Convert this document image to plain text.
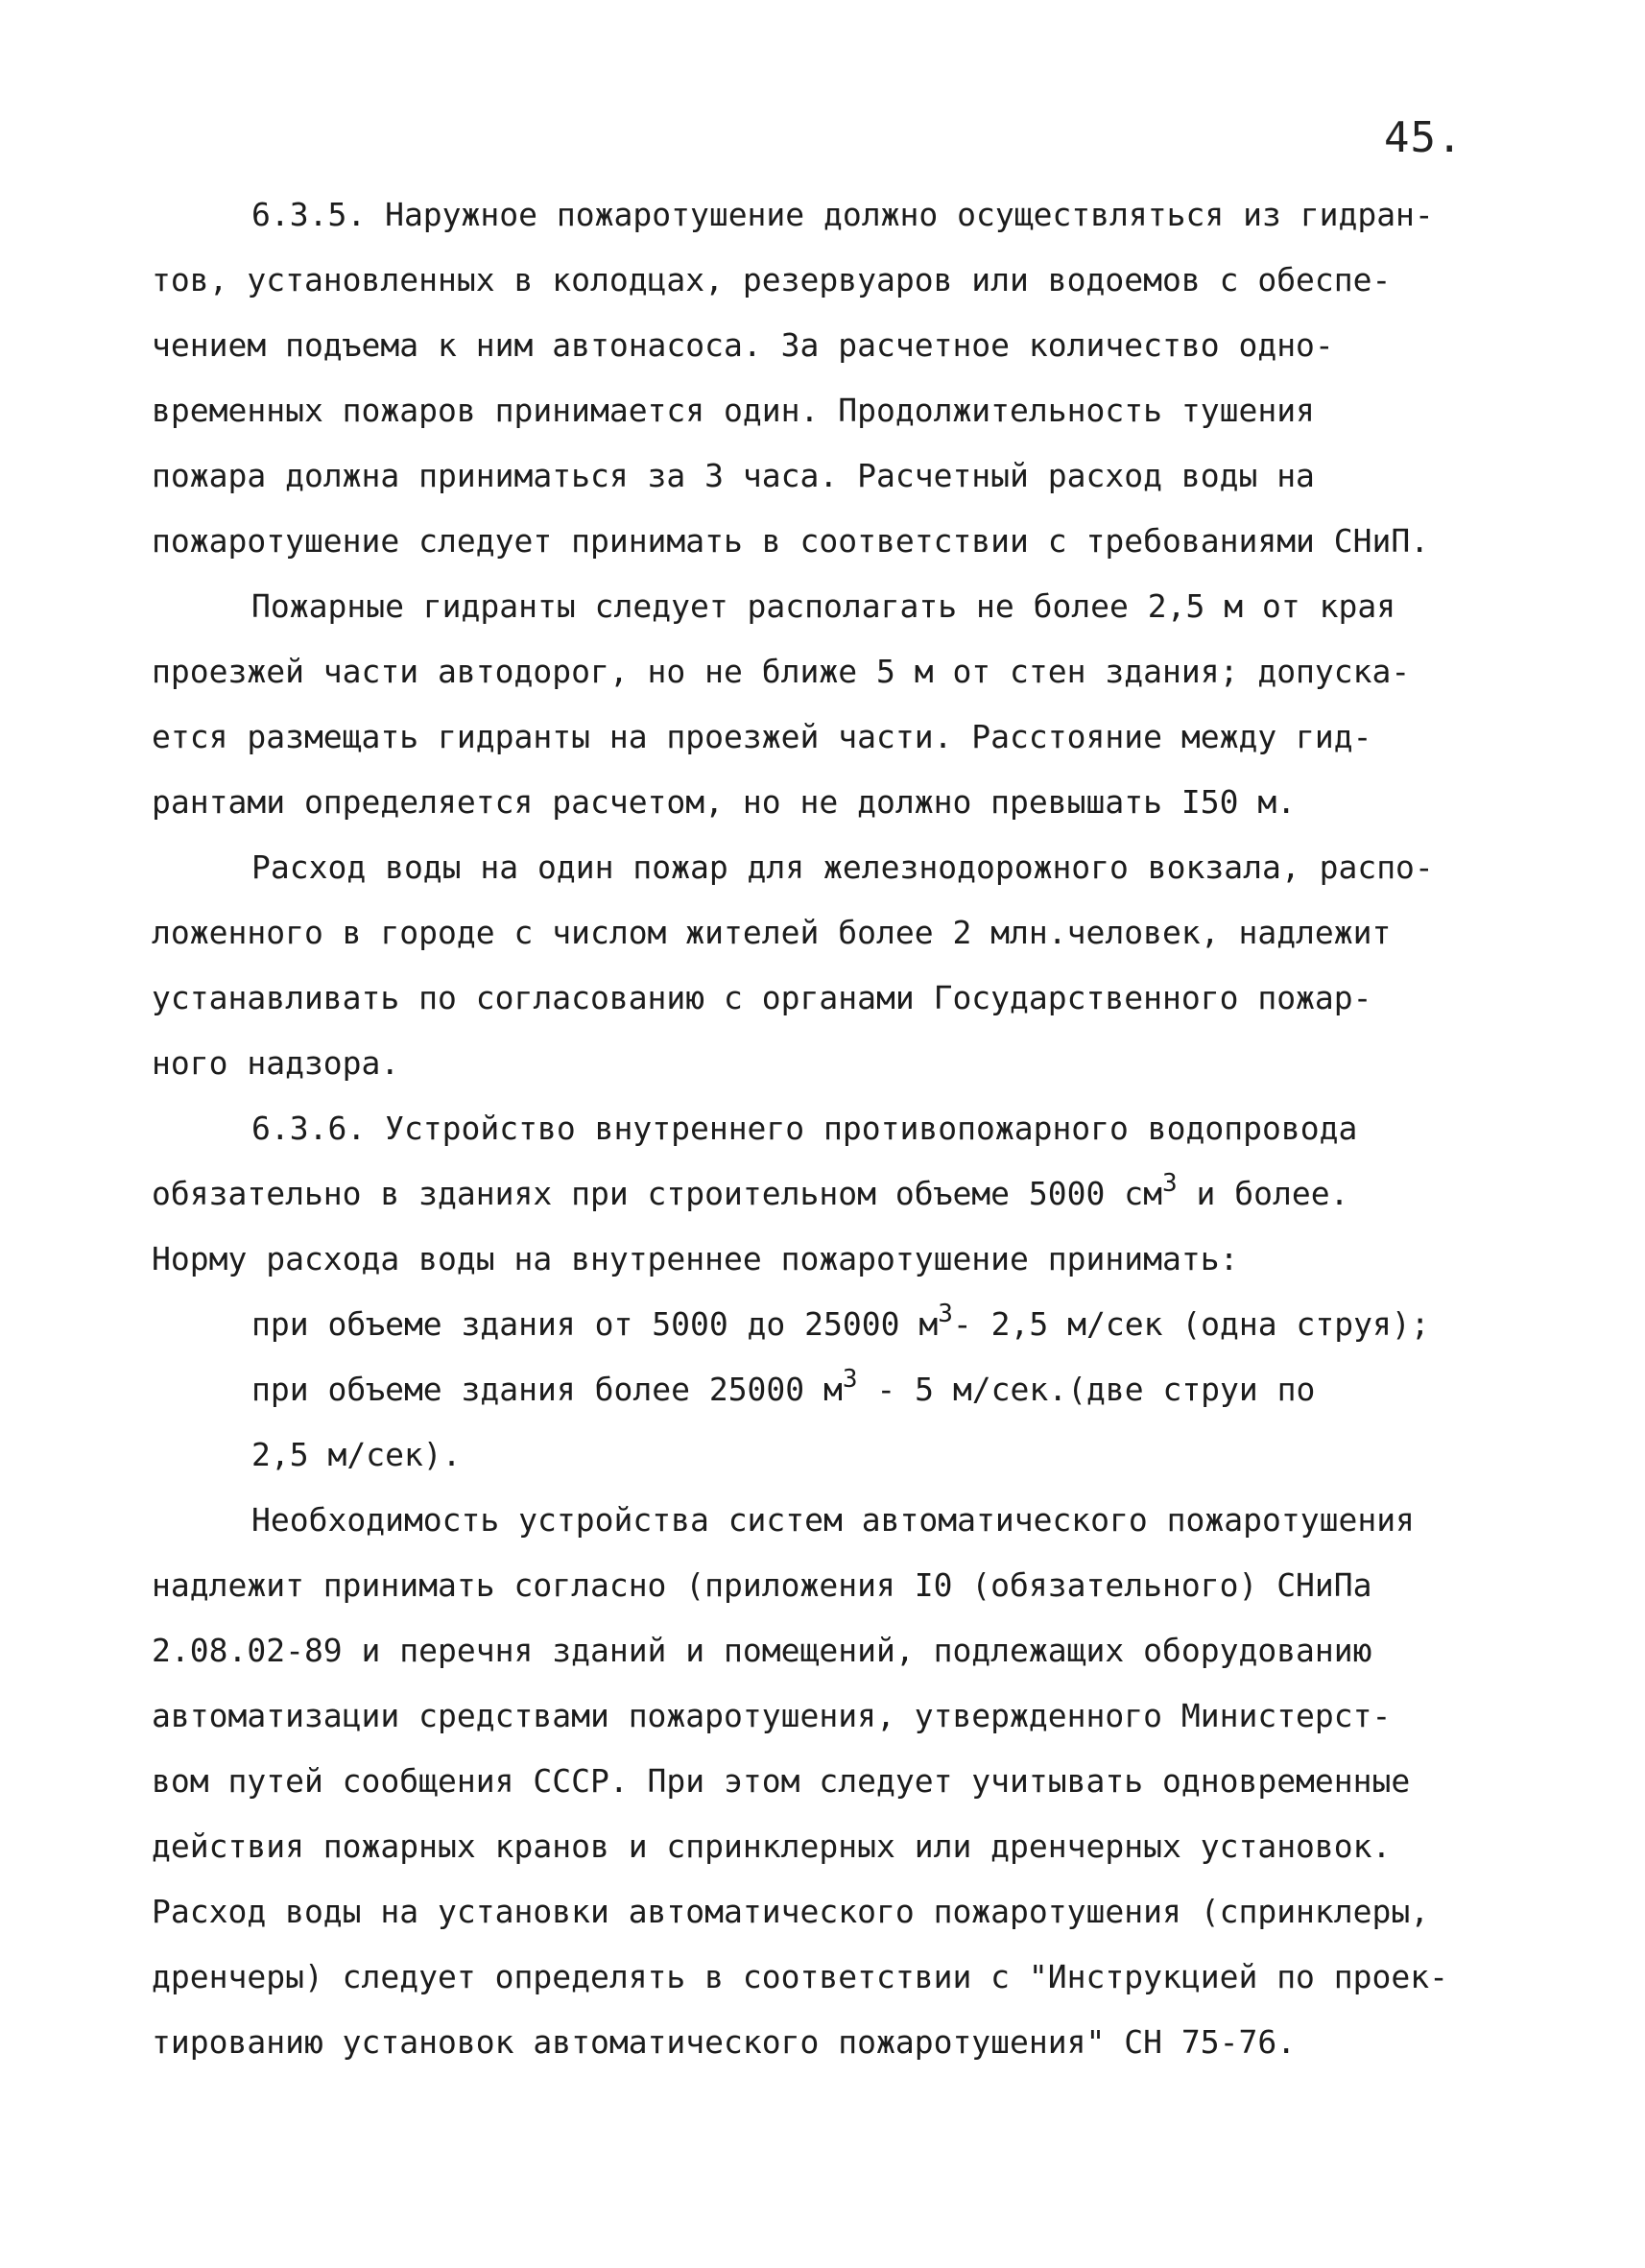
45.
6.3.5. Наружное пожаротушение должно осуществляться из гидран-
тов, установленных в колодцах, резервуаров или водоемов с обеспе-
чением подъема к ним автонасоса. За расчетное количество одно-
временных пожаров принимается один. Продолжительность тушения
пожара должна приниматься за 3 часа. Расчетный расход воды на
пожаротушение следует принимать в соответствии с требованиями СНиП.
Пожарные гидранты следует располагать не более 2,5 м от края
проезжей части автодорог, но не ближе 5 м от стен здания; допуска-
ется размещать гидранты на проезжей части. Расстояние между гид-
рантами определяется расчетом, но не должно превышать I50 м.
Расход воды на один пожар для железнодорожного вокзала, распо-
ложенного в городе с числом жителей более 2 млн.человек, надлежит
устанавливать по согласованию с органами Государственного пожар-
ного надзора.
6.3.6. Устройство внутреннего противопожарного водопровода
обязательно в зданиях при строительном объеме 5000 $см^3$ и более.
Норму расхода воды на внутреннее пожаротушение принимать:
при объеме здания от 5000 до 25000 $м^3-$ 2,5 м/сек (одна струя);
при объеме здания более 25000 $м^3 - 5$ м/сек.(две струи по
2,5 м/сек).
Необходимость устройства систем автоматического пожаротушения
надлежит принимать согласно (приложения I0 (обязательного) СНиПа
2.08.02-89 и перечня зданий и помещений, подлежащих оборудованию
автоматизации средствами пожаротушения, утвержденного Министерст-
вом путей сообщения СССР. При этом следует учитывать одновременные
действия пожарных кранов и спринклерных или дренчерных установок.
Расход воды на установки автоматического пожаротушения (спринклеры,
дренчеры) следует определять в соответствии с "Инструкцией по проек-
тированию установок автоматического пожаротушения" СН 75-76.
